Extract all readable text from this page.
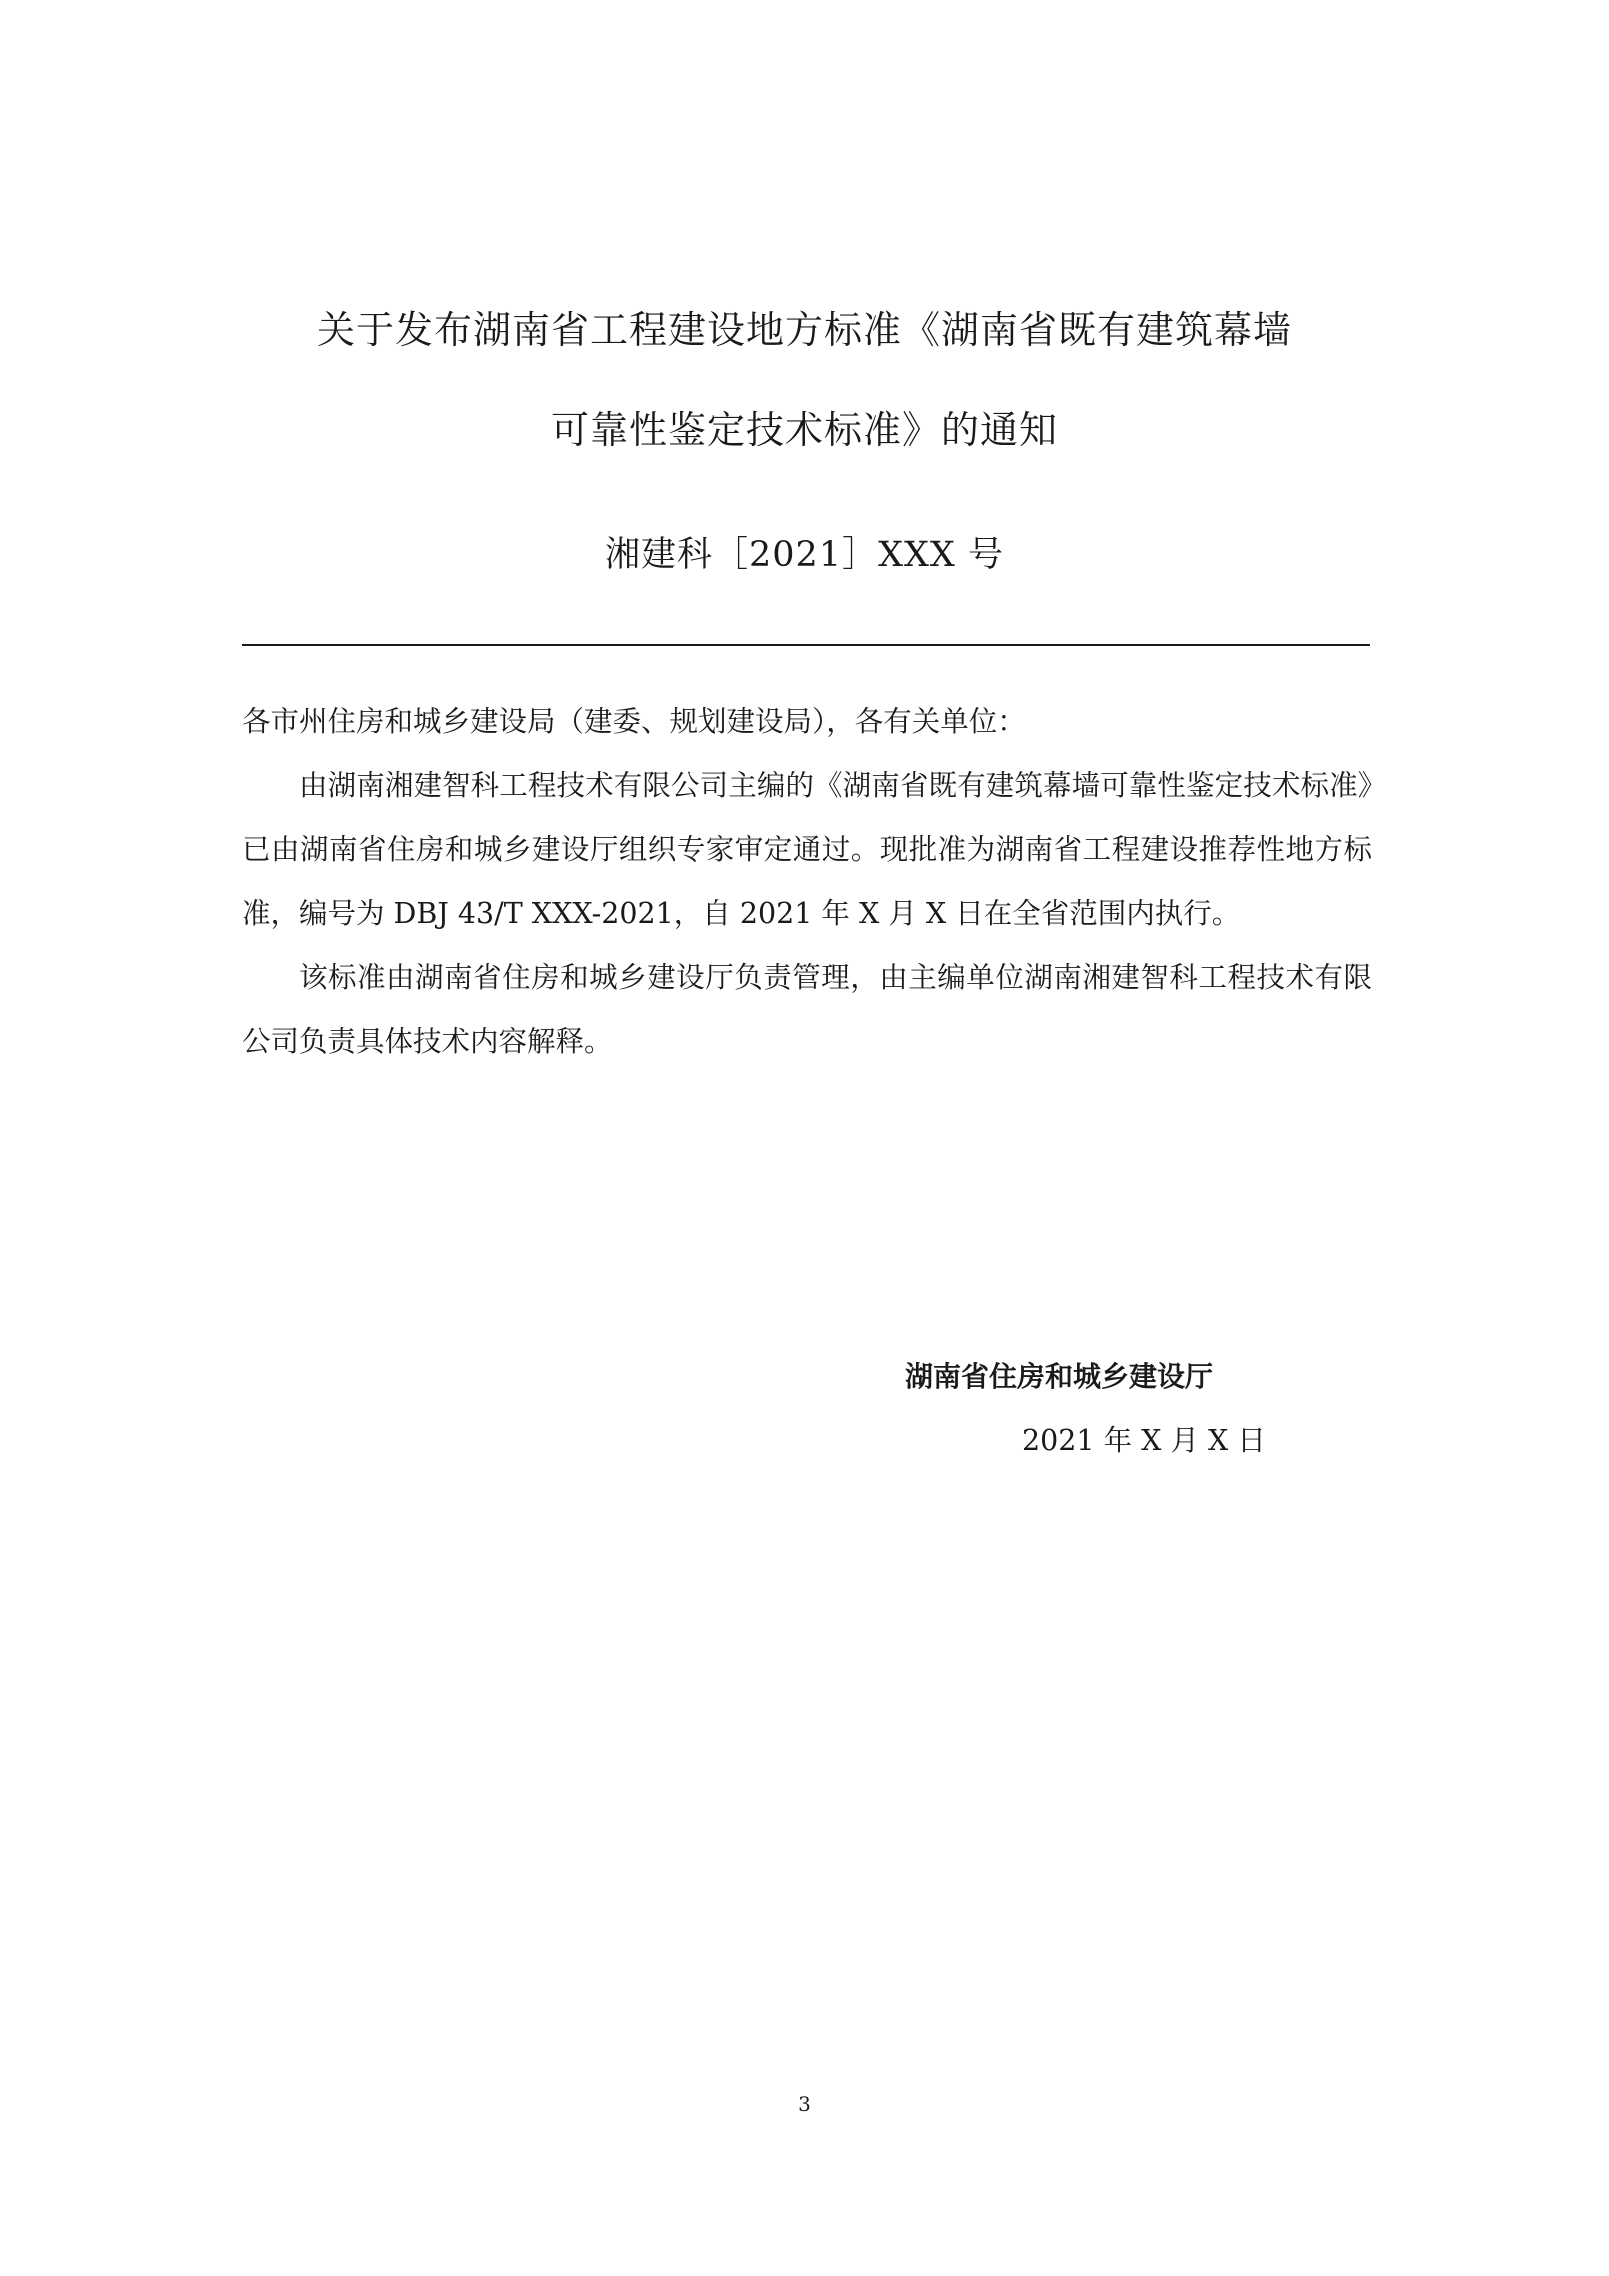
关于发布湖南省工程建设地方标准《湖南省既有建筑幕墙
可靠性鉴定技术标准》的通知
湘建科［2021］XXX 号

各市州住房和城乡建设局（建委、规划建设局），各有关单位：

由湖南湘建智科工程技术有限公司主编的《湖南省既有建筑幕墙可靠性鉴定技术标准》已由湖南省住房和城乡建设厅组织专家审定通过。现批准为湖南省工程建设推荐性地方标准，编号为 DBJ 43/T XXX-2021，自 2021 年 X 月 X 日在全省范围内执行。

该标准由湖南省住房和城乡建设厅负责管理，由主编单位湖南湘建智科工程技术有限公司负责具体技术内容解释。

湖南省住房和城乡建设厅
2021 年 X 月 X 日
3
